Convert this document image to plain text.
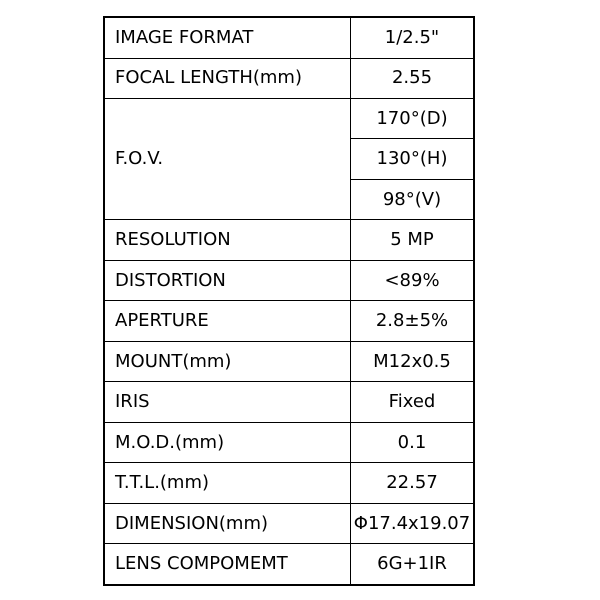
IMAGE FORMAT	1/2.5"
FOCAL LENGTH(mm)	2.55
F.O.V.	170°(D)
	130°(H)
	98°(V)
RESOLUTION	5 MP
DISTORTION	<89%
APERTURE	2.8±5%
MOUNT(mm)	M12x0.5
IRIS	Fixed
M.O.D.(mm)	0.1
T.T.L.(mm)	22.57
DIMENSION(mm)	Φ17.4x19.07
LENS COMPOMEMT	6G+1IR
